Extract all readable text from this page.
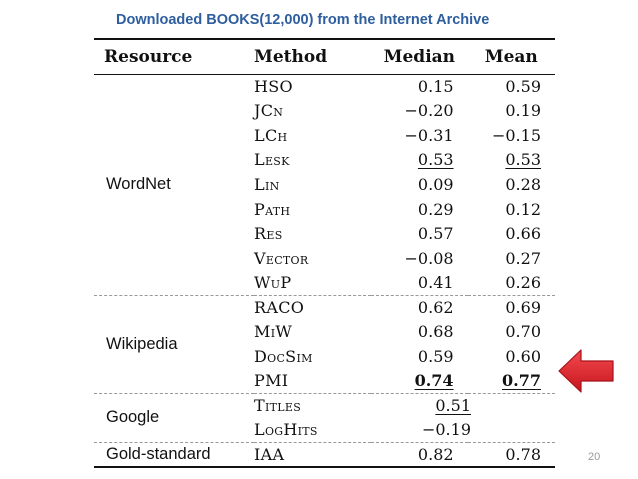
Downloaded BOOKS(12,000) from the Internet Archive
Resource	Method	Median	Mean
WordNet	HSO	0.15	0.59
	JCn	−0.20	0.19
	LCh	−0.31	−0.15
	Lesk	0.53	0.53
	Lin	0.09	0.28
	Path	0.29	0.12
	Res	0.57	0.66
	Vector	−0.08	0.27
	WuP	0.41	0.26
Wikipedia	RACO	0.62	0.69
	MiW	0.68	0.70
	DocSim	0.59	0.60
	PMI	0.74	0.77
Google	Titles	0.51	
	LogHits	−0.19	
Gold-standard	IAA	0.82	0.78	20
